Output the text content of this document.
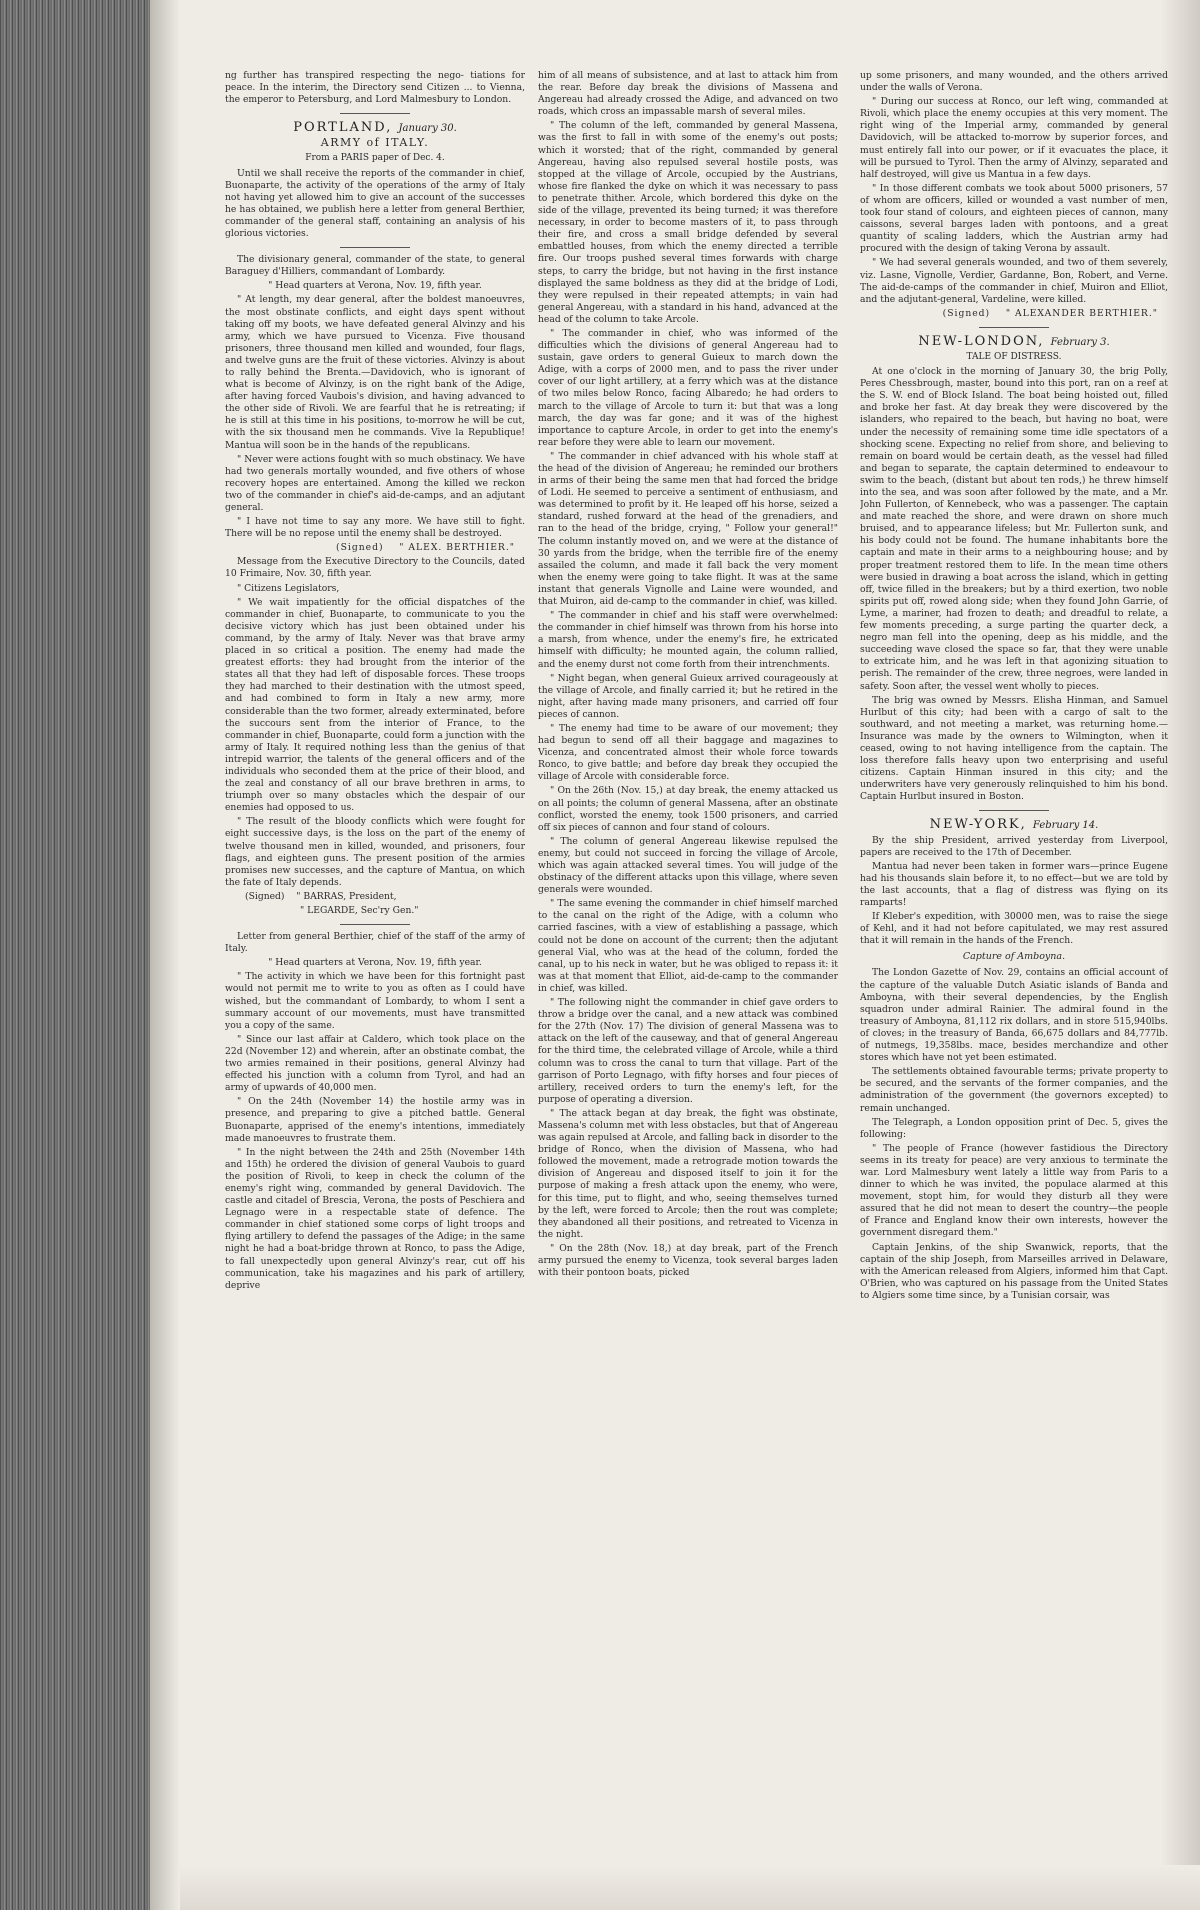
ng further has transpired respecting the nego- tiations for peace. In the interim, the Directory send Citizen ... to Vienna, the emperor to Petersburg, and Lord Malmesbury to London.

PORTLAND, January 30.
ARMY of ITALY.
From a PARIS paper of Dec. 4.

Until we shall receive the reports of the commander in chief, Buonaparte, the activity of the operations of the army of Italy not having yet allowed him to give an account of the successes he has obtained, we publish here a letter from general Berthier, commander of the general staff, containing an analysis of his glorious victories.

The divisionary general, commander of the state, to general Baraguey d'Hilliers, commandant of Lombardy.

" Head quarters at Verona, Nov. 19, fifth year.

" At length, my dear general, after the boldest manoeuvres, the most obstinate conflicts, and eight days spent without taking off my boots, we have defeated general Alvinzy and his army, which we have pursued to Vicenza. Five thousand prisoners, three thousand men killed and wounded, four flags, and twelve guns are the fruit of these victories. Alvinzy is about to rally behind the Brenta.—Davidovich, who is ignorant of what is become of Alvinzy, is on the right bank of the Adige, after having forced Vaubois's division, and having advanced to the other side of Rivoli. We are fearful that he is retreating; if he is still at this time in his positions, to-morrow he will be cut, with the six thousand men he commands. Vive la Republique! Mantua will soon be in the hands of the republicans.

" Never were actions fought with so much obstinacy. We have had two generals mortally wounded, and five others of whose recovery hopes are entertained. Among the killed we reckon two of the commander in chief's aid-de-camps, and an adjutant general.

" I have not time to say any more. We have still to fight. There will be no repose until the enemy shall be destroyed.

(Signed) " ALEX. BERTHIER."

Message from the Executive Directory to the Councils, dated 10 Frimaire, Nov. 30, fifth year.

" Citizens Legislators,

" We wait impatiently for the official dispatches of the commander in chief, Buonaparte, to communicate to you the decisive victory which has just been obtained under his command, by the army of Italy. Never was that brave army placed in so critical a position. The enemy had made the greatest efforts: they had brought from the interior of the states all that they had left of disposable forces. These troops they had marched to their destination with the utmost speed, and had combined to form in Italy a new army, more considerable than the two former, already exterminated, before the succours sent from the interior of France, to the commander in chief, Buonaparte, could form a junction with the army of Italy. It required nothing less than the genius of that intrepid warrior, the talents of the general officers and of the individuals who seconded them at the price of their blood, and the zeal and constancy of all our brave brethren in arms, to triumph over so many obstacles which the despair of our enemies had opposed to us.

" The result of the bloody conflicts which were fought for eight successive days, is the loss on the part of the enemy of twelve thousand men in killed, wounded, and prisoners, four flags, and eighteen guns. The present position of the armies promises new successes, and the capture of Mantua, on which the fate of Italy depends.

(Signed) " BARRAS, President,

" LEGARDE, Sec'ry Gen."

Letter from general Berthier, chief of the staff of the army of Italy.

" Head quarters at Verona, Nov. 19, fifth year.

" The activity in which we have been for this fortnight past would not permit me to write to you as often as I could have wished, but the commandant of Lombardy, to whom I sent a summary account of our movements, must have transmitted you a copy of the same.

" Since our last affair at Caldero, which took place on the 22d (November 12) and wherein, after an obstinate combat, the two armies remained in their positions, general Alvinzy had effected his junction with a column from Tyrol, and had an army of upwards of 40,000 men.

" On the 24th (November 14) the hostile army was in presence, and preparing to give a pitched battle. General Buonaparte, apprised of the enemy's intentions, immediately made manoeuvres to frustrate them.

" In the night between the 24th and 25th (November 14th and 15th) he ordered the division of general Vaubois to guard the position of Rivoli, to keep in check the column of the enemy's right wing, commanded by general Davidovich. The castle and citadel of Brescia, Verona, the posts of Peschiera and Legnago were in a respectable state of defence. The commander in chief stationed some corps of light troops and flying artillery to defend the passages of the Adige; in the same night he had a boat-bridge thrown at Ronco, to pass the Adige, to fall unexpectedly upon general Alvinzy's rear, cut off his communication, take his magazines and his park of artillery, deprive

him of all means of subsistence, and at last to attack him from the rear. Before day break the divisions of Massena and Angereau had already crossed the Adige, and advanced on two roads, which cross an impassable marsh of several miles.

" The column of the left, commanded by general Massena, was the first to fall in with some of the enemy's out posts; which it worsted; that of the right, commanded by general Angereau, having also repulsed several hostile posts, was stopped at the village of Arcole, occupied by the Austrians, whose fire flanked the dyke on which it was necessary to pass to penetrate thither. Arcole, which bordered this dyke on the side of the village, prevented its being turned; it was therefore necessary, in order to become masters of it, to pass through their fire, and cross a small bridge defended by several embattled houses, from which the enemy directed a terrible fire. Our troops pushed several times forwards with charge steps, to carry the bridge, but not having in the first instance displayed the same boldness as they did at the bridge of Lodi, they were repulsed in their repeated attempts; in vain had general Angereau, with a standard in his hand, advanced at the head of the column to take Arcole.

" The commander in chief, who was informed of the difficulties which the divisions of general Angereau had to sustain, gave orders to general Guieux to march down the Adige, with a corps of 2000 men, and to pass the river under cover of our light artillery, at a ferry which was at the distance of two miles below Ronco, facing Albaredo; he had orders to march to the village of Arcole to turn it: but that was a long march, the day was far gone; and it was of the highest importance to capture Arcole, in order to get into the enemy's rear before they were able to learn our movement.

" The commander in chief advanced with his whole staff at the head of the division of Angereau; he reminded our brothers in arms of their being the same men that had forced the bridge of Lodi. He seemed to perceive a sentiment of enthusiasm, and was determined to profit by it. He leaped off his horse, seized a standard, rushed forward at the head of the grenadiers, and ran to the head of the bridge, crying, " Follow your general!" The column instantly moved on, and we were at the distance of 30 yards from the bridge, when the terrible fire of the enemy assailed the column, and made it fall back the very moment when the enemy were going to take flight. It was at the same instant that generals Vignolle and Laine were wounded, and that Muiron, aid de-camp to the commander in chief, was killed.

" The commander in chief and his staff were overwhelmed: the commander in chief himself was thrown from his horse into a marsh, from whence, under the enemy's fire, he extricated himself with difficulty; he mounted again, the column rallied, and the enemy durst not come forth from their intrenchments.

" Night began, when general Guieux arrived courageously at the village of Arcole, and finally carried it; but he retired in the night, after having made many prisoners, and carried off four pieces of cannon.

" The enemy had time to be aware of our movement; they had begun to send off all their baggage and magazines to Vicenza, and concentrated almost their whole force towards Ronco, to give battle; and before day break they occupied the village of Arcole with considerable force.

" On the 26th (Nov. 15,) at day break, the enemy attacked us on all points; the column of general Massena, after an obstinate conflict, worsted the enemy, took 1500 prisoners, and carried off six pieces of cannon and four stand of colours.

" The column of general Angereau likewise repulsed the enemy, but could not succeed in forcing the village of Arcole, which was again attacked several times. You will judge of the obstinacy of the different attacks upon this village, where seven generals were wounded.

" The same evening the commander in chief himself marched to the canal on the right of the Adige, with a column who carried fascines, with a view of establishing a passage, which could not be done on account of the current; then the adjutant general Vial, who was at the head of the column, forded the canal, up to his neck in water, but he was obliged to repass it: it was at that moment that Elliot, aid-de-camp to the commander in chief, was killed.

" The following night the commander in chief gave orders to throw a bridge over the canal, and a new attack was combined for the 27th (Nov. 17) The division of general Massena was to attack on the left of the causeway, and that of general Angereau for the third time, the celebrated village of Arcole, while a third column was to cross the canal to turn that village. Part of the garrison of Porto Legnago, with fifty horses and four pieces of artillery, received orders to turn the enemy's left, for the purpose of operating a diversion.

" The attack began at day break, the fight was obstinate, Massena's column met with less obstacles, but that of Angereau was again repulsed at Arcole, and falling back in disorder to the bridge of Ronco, when the division of Massena, who had followed the movement, made a retrograde motion towards the division of Angereau and disposed itself to join it for the purpose of making a fresh attack upon the enemy, who were, for this time, put to flight, and who, seeing themselves turned by the left, were forced to Arcole; then the rout was complete; they abandoned all their positions, and retreated to Vicenza in the night.

" On the 28th (Nov. 18,) at day break, part of the French army pursued the enemy to Vicenza, took several barges laden with their pontoon boats, picked

up some prisoners, and many wounded, and the others arrived under the walls of Verona.

" During our success at Ronco, our left wing, commanded at Rivoli, which place the enemy occupies at this very moment. The right wing of the Imperial army, commanded by general Davidovich, will be attacked to-morrow by superior forces, and must entirely fall into our power, or if it evacuates the place, it will be pursued to Tyrol. Then the army of Alvinzy, separated and half destroyed, will give us Mantua in a few days.

" In those different combats we took about 5000 prisoners, 57 of whom are officers, killed or wounded a vast number of men, took four stand of colours, and eighteen pieces of cannon, many caissons, several barges laden with pontoons, and a great quantity of scaling ladders, which the Austrian army had procured with the design of taking Verona by assault.

" We had several generals wounded, and two of them severely, viz. Lasne, Vignolle, Verdier, Gardanne, Bon, Robert, and Verne. The aid-de-camps of the commander in chief, Muiron and Elliot, and the adjutant-general, Vardeline, were killed.

(Signed) " ALEXANDER BERTHIER."

NEW-LONDON, February 3.
TALE OF DISTRESS.

At one o'clock in the morning of January 30, the brig Polly, Peres Chessbrough, master, bound into this port, ran on a reef at the S. W. end of Block Island. The boat being hoisted out, filled and broke her fast. At day break they were discovered by the islanders, who repaired to the beach, but having no boat, were under the necessity of remaining some time idle spectators of a shocking scene. Expecting no relief from shore, and believing to remain on board would be certain death, as the vessel had filled and began to separate, the captain determined to endeavour to swim to the beach, (distant but about ten rods,) he threw himself into the sea, and was soon after followed by the mate, and a Mr. John Fullerton, of Kennebeck, who was a passenger. The captain and mate reached the shore, and were drawn on shore much bruised, and to appearance lifeless; but Mr. Fullerton sunk, and his body could not be found. The humane inhabitants bore the captain and mate in their arms to a neighbouring house; and by proper treatment restored them to life. In the mean time others were busied in drawing a boat across the island, which in getting off, twice filled in the breakers; but by a third exertion, two noble spirits put off, rowed along side; when they found John Garrie, of Lyme, a mariner, had frozen to death; and dreadful to relate, a few moments preceding, a surge parting the quarter deck, a negro man fell into the opening, deep as his middle, and the succeeding wave closed the space so far, that they were unable to extricate him, and he was left in that agonizing situation to perish. The remainder of the crew, three negroes, were landed in safety. Soon after, the vessel went wholly to pieces.

The brig was owned by Messrs. Elisha Hinman, and Samuel Hurlbut of this city; had been with a cargo of salt to the southward, and not meeting a market, was returning home.—Insurance was made by the owners to Wilmington, when it ceased, owing to not having intelligence from the captain. The loss therefore falls heavy upon two enterprising and useful citizens. Captain Hinman insured in this city; and the underwriters have very generously relinquished to him his bond. Captain Hurlbut insured in Boston.

NEW-YORK, February 14.

By the ship President, arrived yesterday from Liverpool, papers are received to the 17th of December.

Mantua had never been taken in former wars—prince Eugene had his thousands slain before it, to no effect—but we are told by the last accounts, that a flag of distress was flying on its ramparts!

If Kleber's expedition, with 30000 men, was to raise the siege of Kehl, and it had not before capitulated, we may rest assured that it will remain in the hands of the French.

Capture of Amboyna.

The London Gazette of Nov. 29, contains an official account of the capture of the valuable Dutch Asiatic islands of Banda and Amboyna, with their several dependencies, by the English squadron under admiral Rainier. The admiral found in the treasury of Amboyna, 81,112 rix dollars, and in store 515,940lbs. of cloves; in the treasury of Banda, 66,675 dollars and 84,777lb. of nutmegs, 19,358lbs. mace, besides merchandize and other stores which have not yet been estimated.

The settlements obtained favourable terms; private property to be secured, and the servants of the former companies, and the administration of the government (the governors excepted) to remain unchanged.

The Telegraph, a London opposition print of Dec. 5, gives the following:

" The people of France (however fastidious the Directory seems in its treaty for peace) are very anxious to terminate the war. Lord Malmesbury went lately a little way from Paris to a dinner to which he was invited, the populace alarmed at this movement, stopt him, for would they disturb all they were assured that he did not mean to desert the country—the people of France and England know their own interests, however the government disregard them."

Captain Jenkins, of the ship Swanwick, reports, that the captain of the ship Joseph, from Marseilles arrived in Delaware, with the American released from Algiers, informed him that Capt. O'Brien, who was captured on his passage from the United States to Algiers some time since, by a Tunisian corsair, was
